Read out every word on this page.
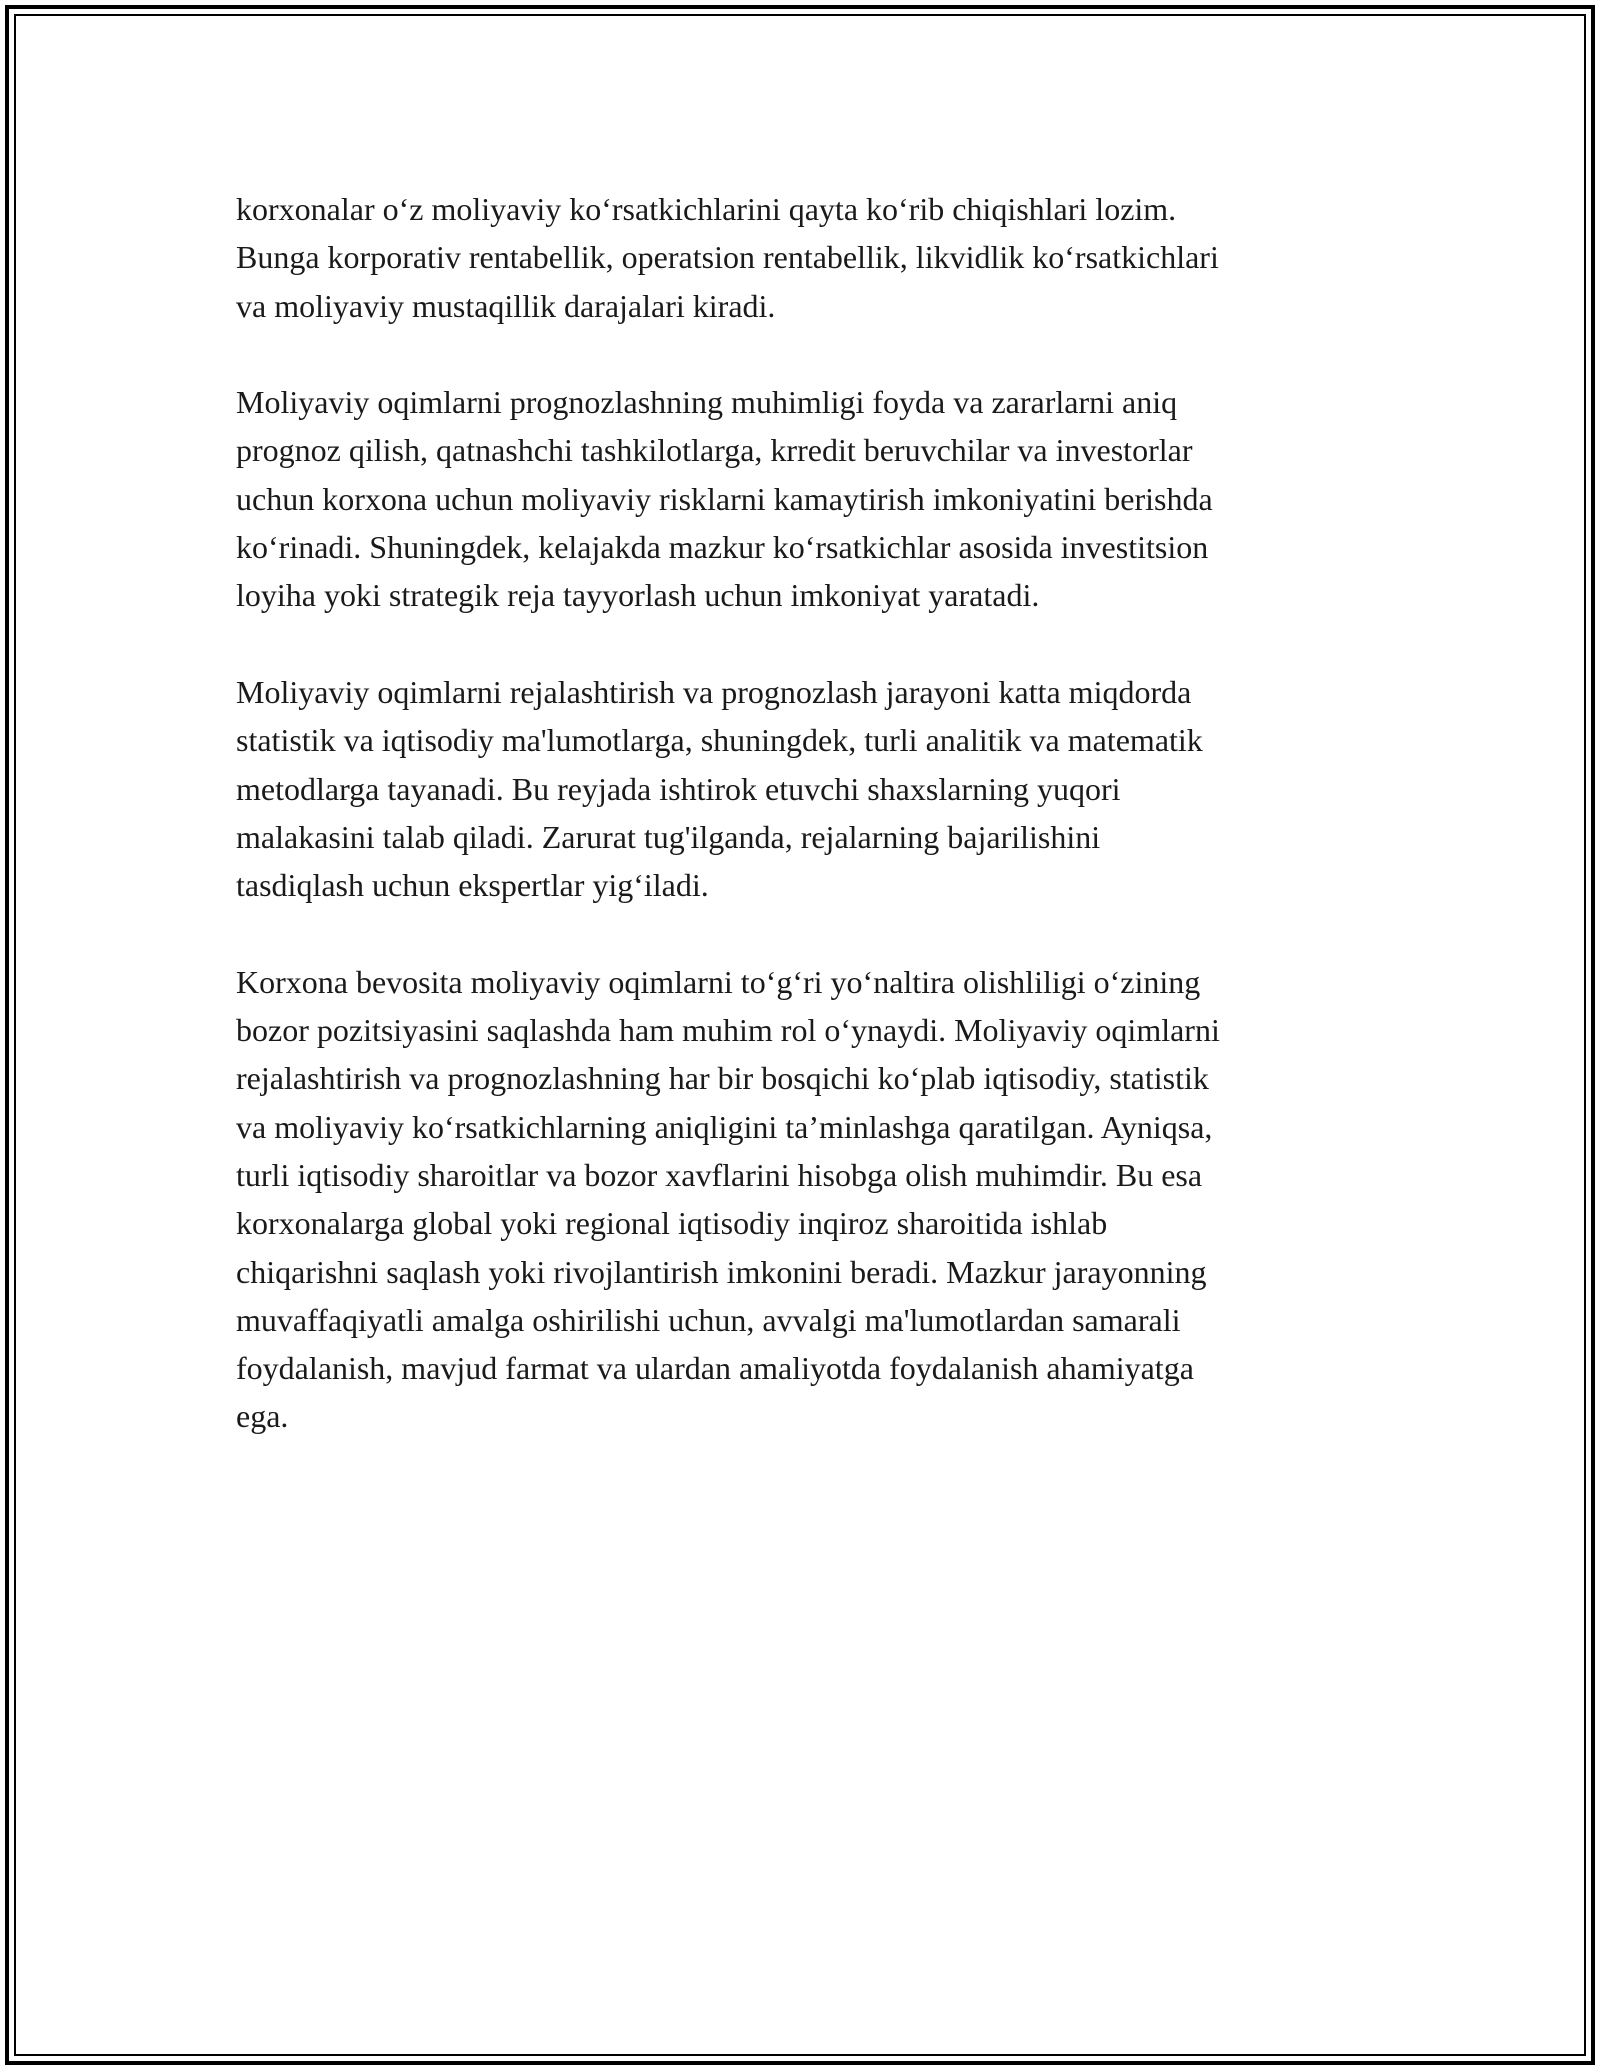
korxonalar o‘z moliyaviy ko‘rsatkichlarini qayta ko‘rib chiqishlari lozim.
Bunga korporativ rentabellik, operatsion rentabellik, likvidlik ko‘rsatkichlari
va moliyaviy mustaqillik darajalari kiradi.
Moliyaviy oqimlarni prognozlashning muhimligi foyda va zararlarni aniq
prognoz qilish, qatnashchi tashkilotlarga, krredit beruvchilar va investorlar
uchun korxona uchun moliyaviy risklarni kamaytirish imkoniyatini berishda
ko‘rinadi. Shuningdek, kelajakda mazkur ko‘rsatkichlar asosida investitsion
loyiha yoki strategik reja tayyorlash uchun imkoniyat yaratadi.
Moliyaviy oqimlarni rejalashtirish va prognozlash jarayoni katta miqdorda
statistik va iqtisodiy ma'lumotlarga, shuningdek, turli analitik va matematik
metodlarga tayanadi. Bu reyjada ishtirok etuvchi shaxslarning yuqori
malakasini talab qiladi. Zarurat tug'ilganda, rejalarning bajarilishini
tasdiqlash uchun ekspertlar yig‘iladi.
Korxona bevosita moliyaviy oqimlarni to‘g‘ri yo‘naltira olishliligi o‘zining
bozor pozitsiyasini saqlashda ham muhim rol o‘ynaydi. Moliyaviy oqimlarni
rejalashtirish va prognozlashning har bir bosqichi ko‘plab iqtisodiy, statistik
va moliyaviy ko‘rsatkichlarning aniqligini ta’minlashga qaratilgan. Ayniqsa,
turli iqtisodiy sharoitlar va bozor xavflarini hisobga olish muhimdir. Bu esa
korxonalarga global yoki regional iqtisodiy inqiroz sharoitida ishlab
chiqarishni saqlash yoki rivojlantirish imkonini beradi. Mazkur jarayonning
muvaffaqiyatli amalga oshirilishi uchun, avvalgi ma'lumotlardan samarali
foydalanish, mavjud farmat va ulardan amaliyotda foydalanish ahamiyatga
ega.
